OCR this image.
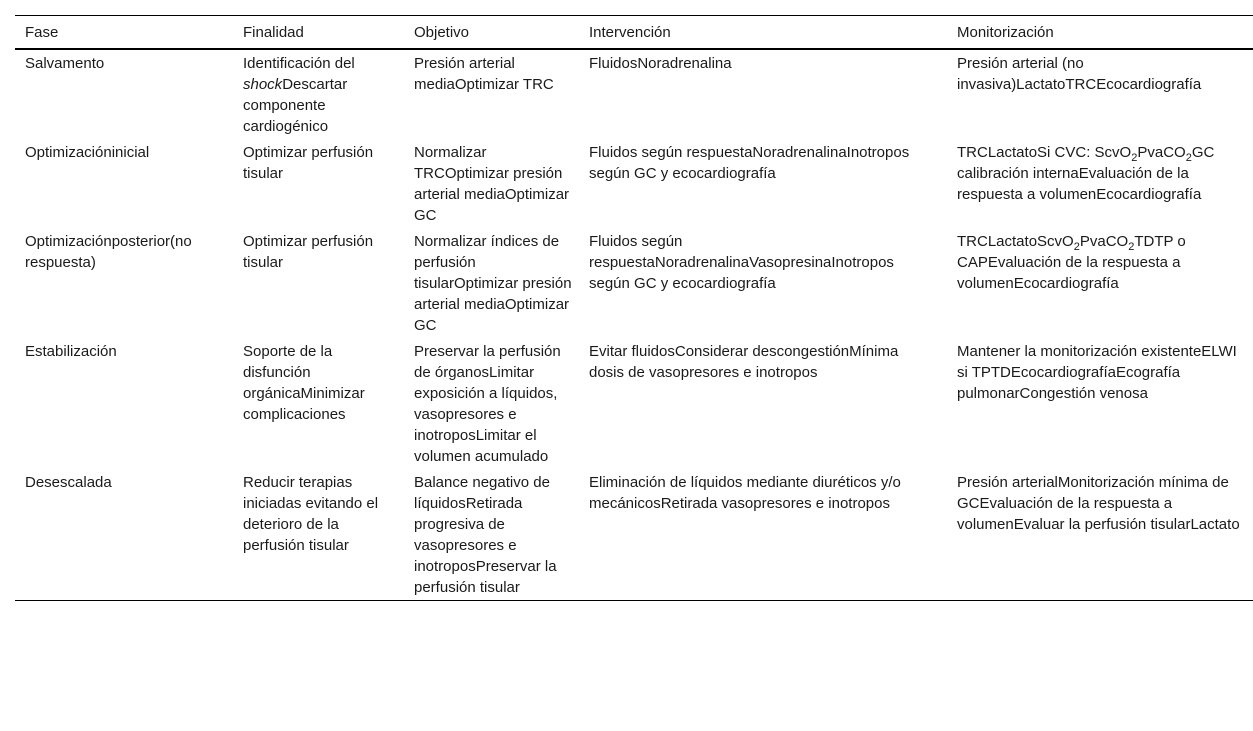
Fase	Finalidad	Objetivo	Intervención	Monitorización
Salvamento	Identificación del shockDescartar componente cardiogénico	Presión arterial mediaOptimizar TRC	FluidosNoradrenalina	Presión arterial (no invasiva)LactatoTRCEcocardiografía
Optimizacióninicial	Optimizar perfusión tisular	Normalizar TRCOptimizar presión arterial mediaOptimizar GC	Fluidos según respuestaNoradrenalinaInotropos según GC y ecocardiografía	TRCLactatoSi CVC: ScvO$_2$PvaCO$_2$GC calibración internaEvaluación de la respuesta a volumenEcocardiografía
Optimizaciónposterior(no respuesta)	Optimizar perfusión tisular	Normalizar índices de perfusión tisularOptimizar presión arterial mediaOptimizar GC	Fluidos según respuestaNoradrenalinaVasopresinaInotropos según GC y ecocardiografía	TRCLactatoScvO$_2$PvaCO$_2$TDTP o CAPEvaluación de la respuesta a volumenEcocardiografía
Estabilización	Soporte de la disfunción orgánicaMinimizar complicaciones	Preservar la perfusión de órganosLimitar exposición a líquidos, vasopresores e inotroposLimitar el volumen acumulado	Evitar fluidosConsiderar descongestiónMínima dosis de vasopresores e inotropos	Mantener la monitorización existenteELWI si TPTDEcocardiografíaEcografía pulmonarCongestión venosa
Desescalada	Reducir terapias iniciadas evitando el deterioro de la perfusión tisular	Balance negativo de líquidosRetirada progresiva de vasopresores e inotroposPreservar la perfusión tisular	Eliminación de líquidos mediante diuréticos y/o mecánicosRetirada vasopresores e inotropos	Presión arterialMonitorización mínima de GCEvaluación de la respuesta a volumenEvaluar la perfusión tisularLactato
